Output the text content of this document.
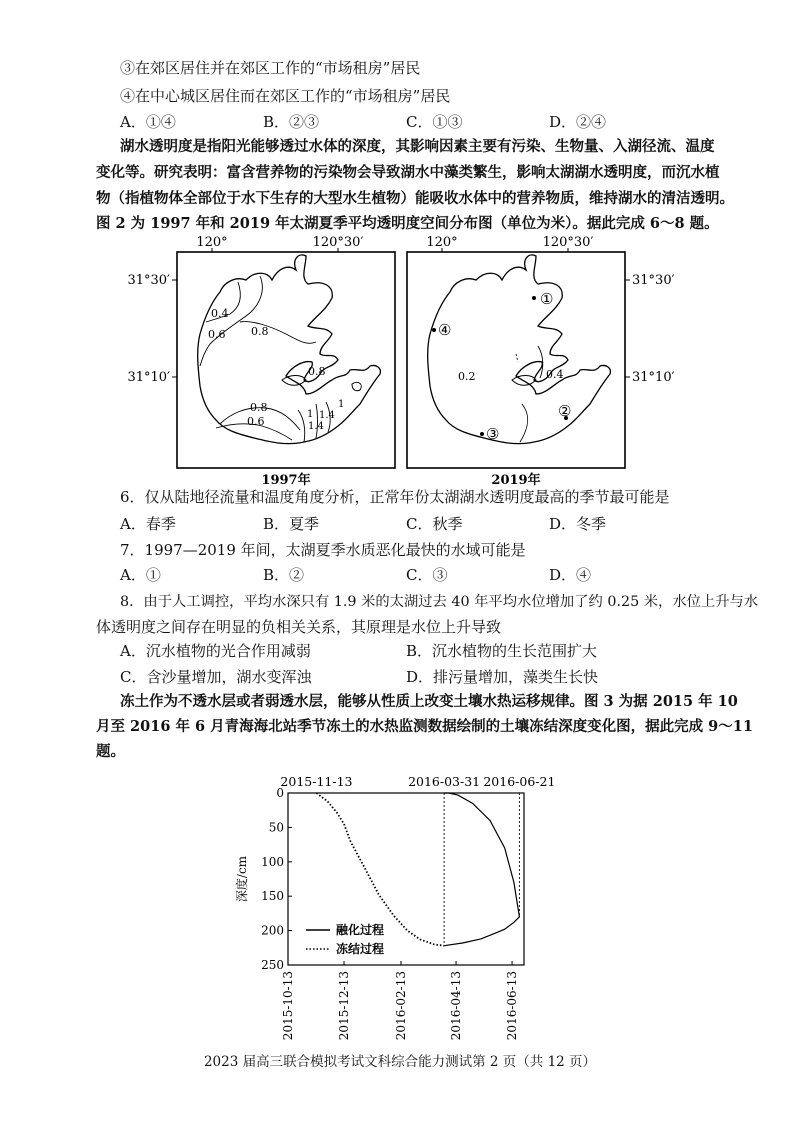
③在郊区居住并在郊区工作的“市场租房”居民
④在中心城区居住而在郊区工作的“市场租房”居民
A．①④	B．②③	C．①③	D．②④
湖水透明度是指阳光能够透过水体的深度，其影响因素主要有污染、生物量、入湖径流、温度
变化等。研究表明：富含营养物的污染物会导致湖水中藻类繁生，影响太湖湖水透明度，而沉水植
物（指植物体全部位于水下生存的大型水生植物）能吸收水体中的营养物质，维持湖水的清洁透明。
图 2 为 1997 年和 2019 年太湖夏季平均透明度空间分布图（单位为米）。据此完成 6～8 题。
120°	120°30′
31°30′
31°10′
0.4
0.6 0.8
0.8
0.8
0.6
1 1.4
1.4
1
1997年
120°	120°30′
31°30′
31°10′
0.2	0.4
①
②
③
④
2019年
6．仅从陆地径流量和温度角度分析，正常年份太湖湖水透明度最高的季节最可能是
A．春季	B．夏季	C．秋季	D．冬季
7．1997—2019 年间，太湖夏季水质恶化最快的水域可能是
A．①	B．②	C．③	D．④
8．由于人工调控，平均水深只有 1.9 米的太湖过去 40 年平均水位增加了约 0.25 米，水位上升与水
体透明度之间存在明显的负相关关系，其原理是水位上升导致
A．沉水植物的光合作用减弱	B．沉水植物的生长范围扩大
C．含沙量增加，湖水变浑浊	D．排污量增加，藻类生长快
冻土作为不透水层或者弱透水层，能够从性质上改变土壤水热运移规律。图 3 为据 2015 年 10
月至 2016 年 6 月青海海北站季节冻土的水热监测数据绘制的土壤冻结深度变化图，据此完成 9～11
题。
0
50
100
150
200
250
2015-10-13	2015-12-13	2016-02-13	2016-04-13	2016-06-13
2015-11-13	2016-03-31 2016-06-21
深度/cm
融化过程
冻结过程
2023 届高三联合模拟考试文科综合能力测试第 2 页（共 12 页）
